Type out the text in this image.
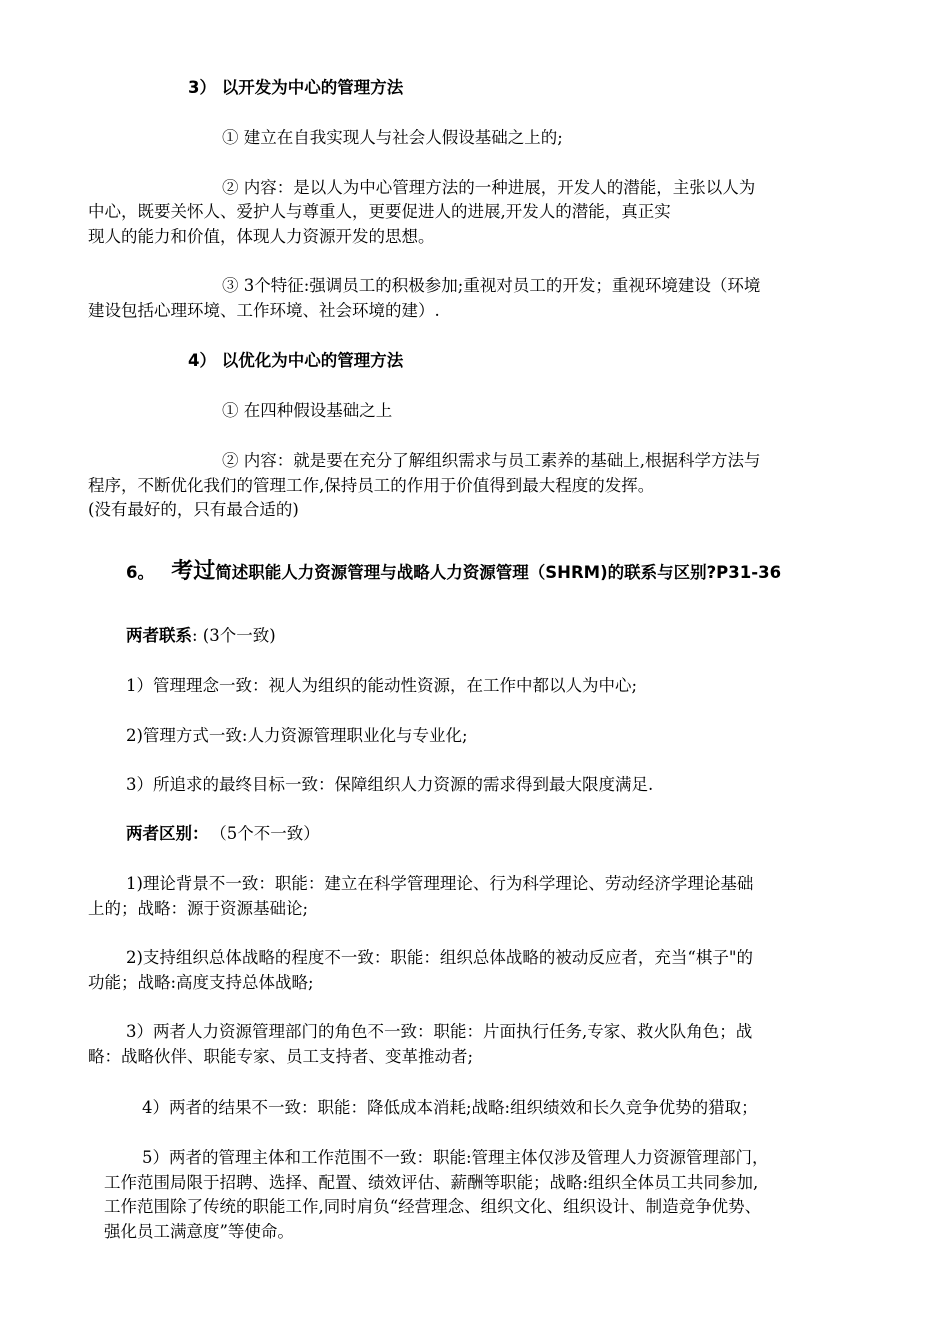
3） 以开发为中心的管理方法

① 建立在自我实现人与社会人假设基础之上的;

② 内容：是以人为中心管理方法的一种进展，开发人的潜能，主张以人为

中心，既要关怀人、爱护人与尊重人，更要促进人的进展,开发人的潜能，真正实

现人的能力和价值，体现人力资源开发的思想。

③ 3个特征:强调员工的积极参加;重视对员工的开发；重视环境建设（环境

建设包括心理环境、工作环境、社会环境的建）.

4） 以优化为中心的管理方法

① 在四种假设基础之上

② 内容：就是要在充分了解组织需求与员工素养的基础上,根据科学方法与

程序，不断优化我们的管理工作,保持员工的作用于价值得到最大程度的发挥。

(没有最好的，只有最合适的)

6。 考过简述职能人力资源管理与战略人力资源管理（SHRM)的联系与区别?P31-36

两者联系: (3个一致)

1）管理理念一致：视人为组织的能动性资源，在工作中都以人为中心;

2)管理方式一致:人力资源管理职业化与专业化;

3）所追求的最终目标一致：保障组织人力资源的需求得到最大限度满足.

两者区别： （5个不一致）

1)理论背景不一致：职能：建立在科学管理理论、行为科学理论、劳动经济学理论基础

上的；战略：源于资源基础论;

2)支持组织总体战略的程度不一致：职能：组织总体战略的被动反应者，充当“棋子"的

功能；战略:高度支持总体战略;

3）两者人力资源管理部门的角色不一致：职能：片面执行任务,专家、救火队角色；战

略：战略伙伴、职能专家、员工支持者、变革推动者;

4）两者的结果不一致：职能：降低成本消耗;战略:组织绩效和长久竞争优势的猎取；

5）两者的管理主体和工作范围不一致：职能:管理主体仅涉及管理人力资源管理部门，

工作范围局限于招聘、选择、配置、绩效评估、薪酬等职能；战略:组织全体员工共同参加,

工作范围除了传统的职能工作,同时肩负“经营理念、组织文化、组织设计、制造竞争优势、

强化员工满意度”等使命。
